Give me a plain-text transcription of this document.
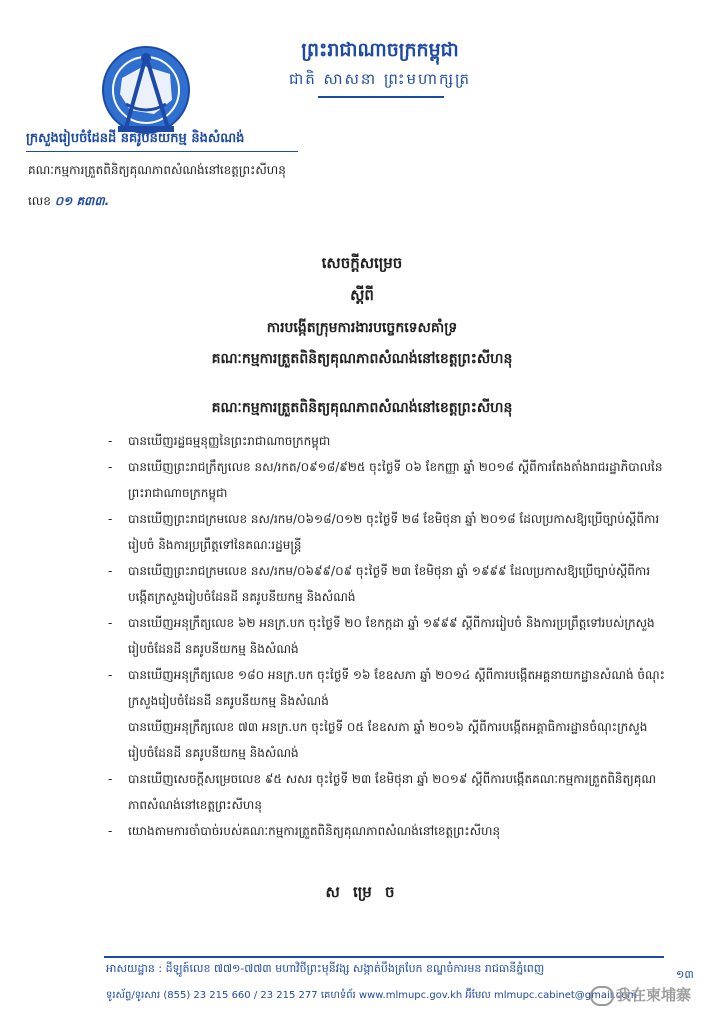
ព្រះរាជាណាចក្រកម្ពុជា
ជាតិ សាសនា ព្រះមហាក្សត្រ
ក្រសួងរៀបចំដែនដី នគរូបនីយកម្ម និងសំណង់
គណៈកម្មការត្រួតពិនិត្យគុណភាពសំណង់នៅខេត្តព្រះសីហនុ
លេខ ០១ គ៣៣.
សេចក្តីសម្រេច
ស្តីពី
ការបង្កើតក្រុមការងារបច្ចេកទេសគាំទ្រ
គណៈកម្មការត្រួតពិនិត្យគុណភាពសំណង់នៅខេត្តព្រះសីហនុ
គណៈកម្មការត្រួតពិនិត្យគុណភាពសំណង់នៅខេត្តព្រះសីហនុ
- បានឃើញរដ្ឋធម្មនុញ្ញនៃព្រះរាជាណាចក្រកម្ពុជា
- បានឃើញព្រះរាជក្រឹត្យលេខ នស/រកត/០៩១៨/៩២៥ ចុះថ្ងៃទី ០៦ ខែកញ្ញា ឆ្នាំ ២០១៨ ស្តីពីការតែងតាំងរាជរដ្ឋាភិបាលនៃព្រះរាជាណាចក្រកម្ពុជា
- បានឃើញព្រះរាជក្រមលេខ នស/រកម/០៦១៨/០១២ ចុះថ្ងៃទី ២៨ ខែមិថុនា ឆ្នាំ ២០១៨ ដែលប្រកាសឱ្យប្រើច្បាប់ស្តីពីការរៀបចំ និងការប្រព្រឹត្តទៅនៃគណៈរដ្ឋមន្ត្រី
- បានឃើញព្រះរាជក្រមលេខ នស/រកម/០៦៩៩/០៩ ចុះថ្ងៃទី ២៣ ខែមិថុនា ឆ្នាំ ១៩៩៩ ដែលប្រកាសឱ្យប្រើច្បាប់ស្តីពីការបង្កើតក្រសួងរៀបចំដែនដី នគរូបនីយកម្ម និងសំណង់
- បានឃើញអនុក្រឹត្យលេខ ៦២ អនក្រ.បក ចុះថ្ងៃទី ២០ ខែកក្កដា ឆ្នាំ ១៩៩៩ ស្តីពីការរៀបចំ និងការប្រព្រឹត្តទៅរបស់ក្រសួងរៀបចំដែនដី នគរូបនីយកម្ម និងសំណង់
- បានឃើញអនុក្រឹត្យលេខ ១៨០ អនក្រ.បក ចុះថ្ងៃទី ១៦ ខែឧសភា ឆ្នាំ ២០១៤ ស្តីពីការបង្កើតអគ្គនាយកដ្ឋានសំណង់ ចំណុះក្រសួងរៀបចំដែនដី នគរូបនីយកម្ម និងសំណង់
បានឃើញអនុក្រឹត្យលេខ ៧៣ អនក្រ.បក ចុះថ្ងៃទី ០៥ ខែឧសភា ឆ្នាំ ២០១៦ ស្តីពីការបង្កើតអគ្គាធិការដ្ឋានចំណុះក្រសួងរៀបចំដែនដី នគរូបនីយកម្ម និងសំណង់
- បានឃើញសេចក្តីសម្រេចលេខ ៩៥ សសរ ចុះថ្ងៃទី ២៣ ខែមិថុនា ឆ្នាំ ២០១៩ ស្តីពីការបង្កើតគណៈកម្មការត្រួតពិនិត្យគុណភាពសំណង់នៅខេត្តព្រះសីហនុ
- យោងតាមការចាំបាច់របស់គណៈកម្មការត្រួតពិនិត្យគុណភាពសំណង់នៅខេត្តព្រះសីហនុ
ស ម្រេ ច
អាសយដ្ឋាន : ដីឡូត៍លេខ ៧៧១-៧៧៣ មហាវិថីព្រះមុនីវង្ស សង្កាត់បឹងត្របែក ខណ្ឌចំការមន រាជធានីភ្នំពេញ
ទូរស័ព្ទ/ទូរសារ (855) 23 215 660 / 23 215 277 គេហទំព័រ www.mlmupc.gov.kh អ៊ីមែល mlmupc.cabinet@gmail.com
១៣
我在柬埔寨
